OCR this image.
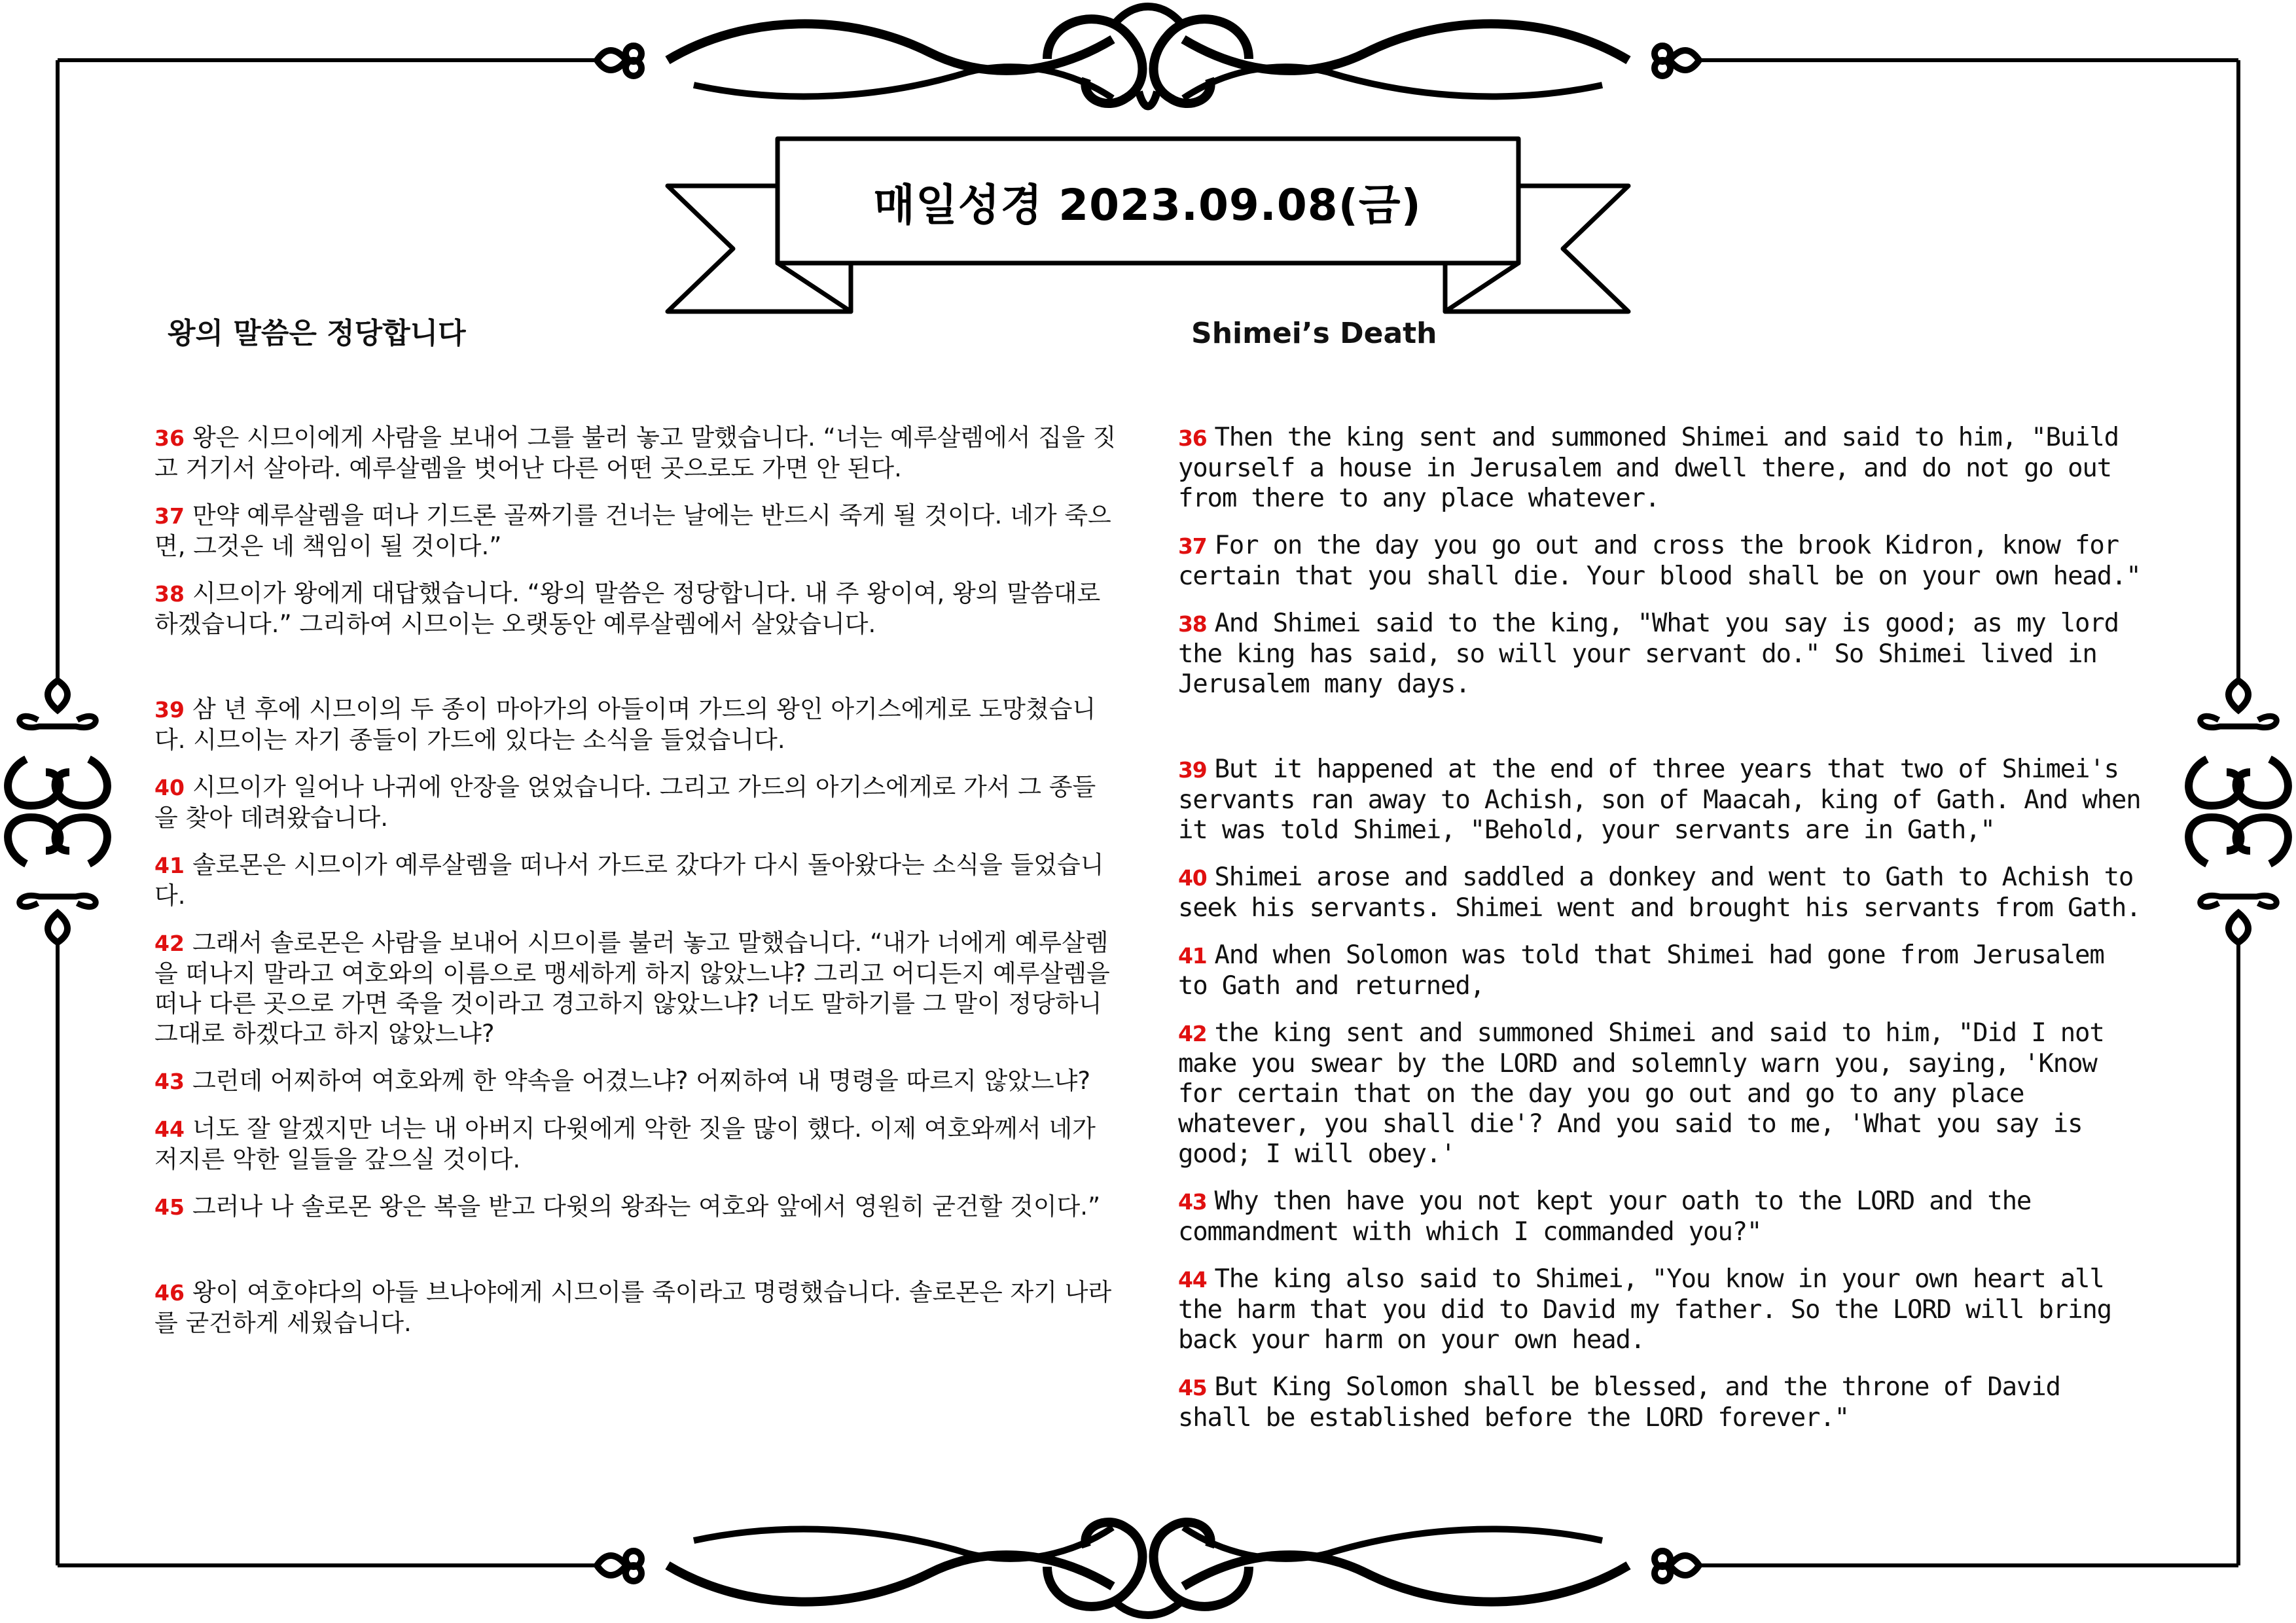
매일성경 2023.09.08(금)
왕의 말씀은 정당합니다

36 왕은 시므이에게 사람을 보내어 그를 불러 놓고 말했습니다. “너는 예루살렘에서 집을 짓고 거기서 살아라. 예루살렘을 벗어난 다른 어떤 곳으로도 가면 안 된다.

37 만약 예루살렘을 떠나 기드론 골짜기를 건너는 날에는 반드시 죽게 될 것이다. 네가 죽으면, 그것은 네 책임이 될 것이다.”

38 시므이가 왕에게 대답했습니다. “왕의 말씀은 정당합니다. 내 주 왕이여, 왕의 말씀대로 하겠습니다.” 그리하여 시므이는 오랫동안 예루살렘에서 살았습니다.

39 삼 년 후에 시므이의 두 종이 마아가의 아들이며 가드의 왕인 아기스에게로 도망쳤습니다. 시므이는 자기 종들이 가드에 있다는 소식을 들었습니다.

40 시므이가 일어나 나귀에 안장을 얹었습니다. 그리고 가드의 아기스에게로 가서 그 종들을 찾아 데려왔습니다.

41 솔로몬은 시므이가 예루살렘을 떠나서 가드로 갔다가 다시 돌아왔다는 소식을 들었습니다.

42 그래서 솔로몬은 사람을 보내어 시므이를 불러 놓고 말했습니다. “내가 너에게 예루살렘을 떠나지 말라고 여호와의 이름으로 맹세하게 하지 않았느냐? 그리고 어디든지 예루살렘을 떠나 다른 곳으로 가면 죽을 것이라고 경고하지 않았느냐? 너도 말하기를 그 말이 정당하니 그대로 하겠다고 하지 않았느냐?

43 그런데 어찌하여 여호와께 한 약속을 어겼느냐? 어찌하여 내 명령을 따르지 않았느냐?

44 너도 잘 알겠지만 너는 내 아버지 다윗에게 악한 짓을 많이 했다. 이제 여호와께서 네가 저지른 악한 일들을 갚으실 것이다.

45 그러나 나 솔로몬 왕은 복을 받고 다윗의 왕좌는 여호와 앞에서 영원히 굳건할 것이다.”

46 왕이 여호야다의 아들 브나야에게 시므이를 죽이라고 명령했습니다. 솔로몬은 자기 나라를 굳건하게 세웠습니다.

Shimei’s Death

36 Then the king sent and summoned Shimei and said to him, "Build yourself a house in Jerusalem and dwell there, and do not go out from there to any place whatever.

37 For on the day you go out and cross the brook Kidron, know for certain that you shall die. Your blood shall be on your own head."

38 And Shimei said to the king, "What you say is good; as my lord the king has said, so will your servant do." So Shimei lived in Jerusalem many days.

39 But it happened at the end of three years that two of Shimei's servants ran away to Achish, son of Maacah, king of Gath. And when it was told Shimei, "Behold, your servants are in Gath,"

40 Shimei arose and saddled a donkey and went to Gath to Achish to seek his servants. Shimei went and brought his servants from Gath.

41 And when Solomon was told that Shimei had gone from Jerusalem to Gath and returned,

42 the king sent and summoned Shimei and said to him, "Did I not make you swear by the LORD and solemnly warn you, saying, 'Know for certain that on the day you go out and go to any place whatever, you shall die'? And you said to me, 'What you say is good; I will obey.'

43 Why then have you not kept your oath to the LORD and the commandment with which I commanded you?"

44 The king also said to Shimei, "You know in your own heart all the harm that you did to David my father. So the LORD will bring back your harm on your own head.

45 But King Solomon shall be blessed, and the throne of David shall be established before the LORD forever."
